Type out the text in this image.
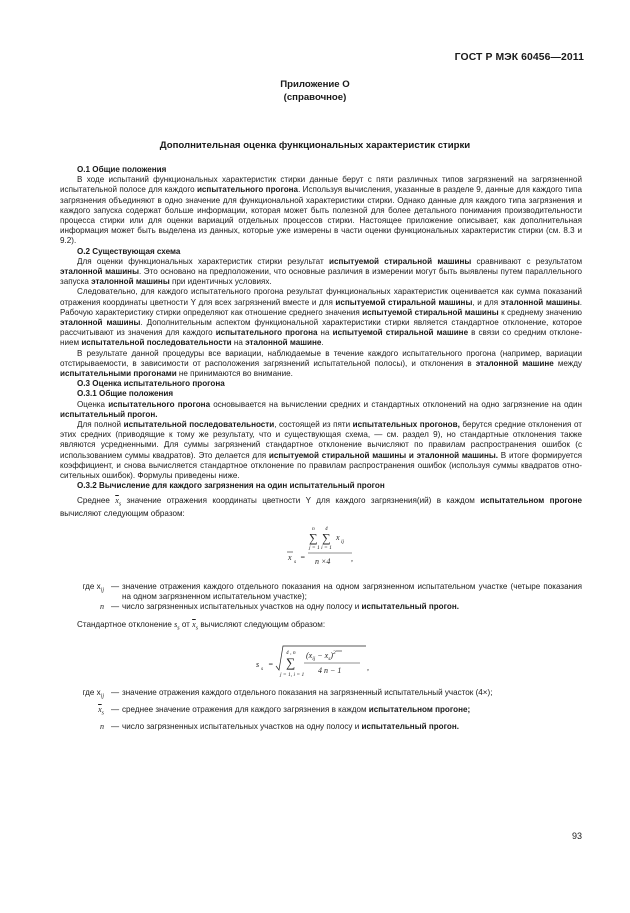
ГОСТ Р МЭК 60456—2011
Приложение О
(справочное)
Дополнительная оценка функциональных характеристик стирки
О.1 Общие положения

В ходе испытаний функциональных характеристик стирки данные берут с пяти различных типов загрязнений на загрязненной испытательной полосе для каждого испытательного прогона. Используя вычисления, указанные в разделе 9, данные для каждого типа загрязнения объединяют в одно значение для функциональной характеристики стирки. Однако данные для каждого типа загрязнения и каждого запуска содержат больше информации, которая может быть полезной для более детального понимания производительности процесса стирки или для оценки вариаций отдельных процессов стирки. Настоящее приложение описывает, как дополнительная информация может быть выделена из данных, которые уже измерены в части оценки функциональных характеристик стирки (см. 8.3 и 9.2).

О.2 Существующая схема

Для оценки функциональных характеристик стирки результат испытуемой стиральной машины сравнивают с результатом эталонной машины. Это основано на предположении, что основные различия в измерении могут быть выявлены путем параллельного запуска эталонной машины при идентичных условиях.

Следовательно, для каждого испытательного прогона результат функциональных характеристик оценивается как сумма показаний отражения координаты цветности Y для всех загрязнений вместе и для испытуемой стиральной машины, и для эталонной машины. Рабочую характеристику стирки определяют как отношение среднего значения испытуемой стиральной машины к среднему значению эталонной машины. Дополнительным аспектом функциональной характеристики стирки является стандартное отклонение, которое рассчитывают из значения для каждого испытательного прогона на испытуемой стиральной машине в связи со средним отклонением испытательной последовательности на эталонной машине.

В результате данной процедуры все вариации, наблюдаемые в течение каждого испытательного прогона (например, вариации отстирываемости, в зависимости от расположения загрязнений испытательной полосы), и отклонения в эталонной машине между испытательными прогонами не принимаются во внимание.

О.3 Оценка испытательного прогона
О.3.1 Общие положения

Оценка испытательного прогона основывается на вычислении средних и стандартных отклонений на одно загрязнение на один испытательный прогон.

Для полной испытательной последовательности, состоящей из пяти испытательных прогонов, берутся средние отклонения от этих средних (приводящие к тому же результату, что и существующая схема, — см. раздел 9), но стандартные отклонения также являются усредненными. Для суммы загрязнений стандартное отклонение вычисляют по правилам распространения ошибок (с использованием суммы квадратов). Это делается для испытуемой стиральной машины и эталонной машины. В итоге формируется коэффициент, и снова вычисляется стандартное отклонение по правилам распространения ошибок (используя суммы квадратов относительных ошибок). Формулы приведены ниже.

О.3.2 Вычисление для каждого загрязнения на один испытательный прогон

Среднее $\overline{x}_s$ значение отражения координаты цветности Y для каждого загрязнения(ий) в каждом испытательном прогоне вычисляют следующим образом:

x s =
n 4
∑ ∑ x ij
j = 1 i = 1
n ×4	,
где $x_{ij}$ — значение отражения каждого отдельного показания на одном загрязненном испытательном участке (четыре показания на одном загрязненном испытательном участке);
n — число загрязненных испытательных участков на одну полосу и испытательный прогон.

Стандартное отклонение $s_s$ от $\overline{x}_s$ вычисляют следующим образом:

s s =
4 , n
∑
j = 1, i = 1
$(x_{ij} - x_s)^2$
4 n − 1	,
где $x_{ij}$ — значение отражения каждого отдельного показания на загрязненный испытательный участок (4×);
$\overline{x}_s$ — среднее значение отражения для каждого загрязнения в каждом испытательном прогоне;
n — число загрязненных испытательных участков на одну полосу и испытательный прогон.
93
